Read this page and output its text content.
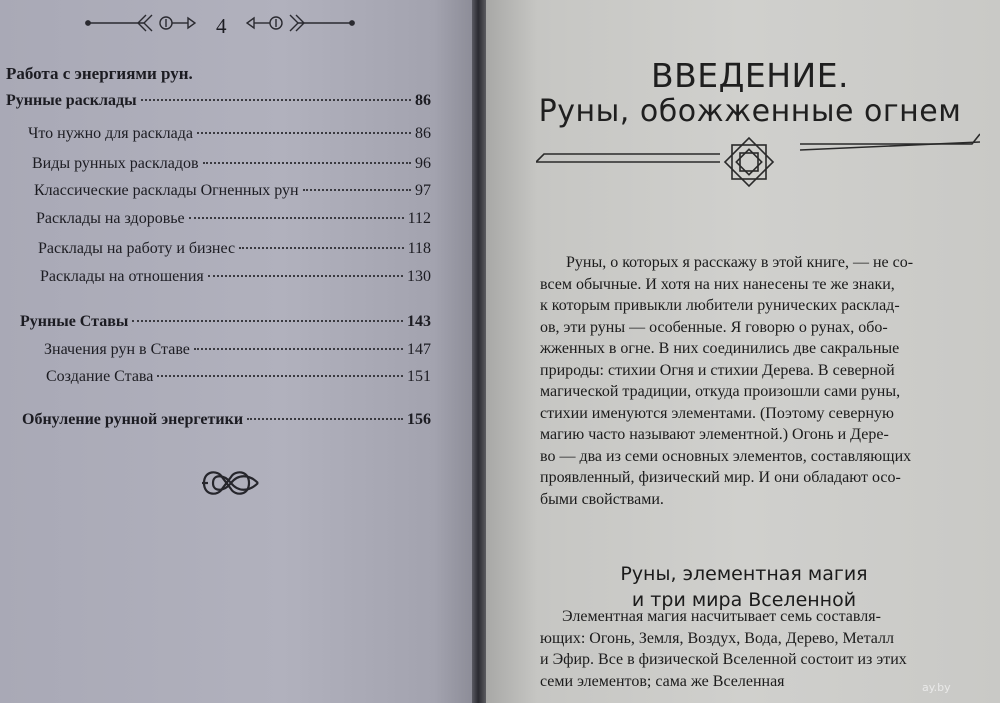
4
Работа с энергиями рун.
Рунные расклады	86
Что нужно для расклада	86
Виды рунных раскладов	96
Классические расклады Огненных рун	97
Расклады на здоровье	112
Расклады на работу и бизнес	118
Расклады на отношения	130
Рунные Ставы	143
Значения рун в Ставе	147
Создание Става	151
Обнуление рунной энергетики	156
ВВЕДЕНИЕ.
Руны, обожженные огнем
Руны, о которых я расскажу в этой книге, — не со-
всем обычные. И хотя на них нанесены те же знаки,
к которым привыкли любители рунических расклад-
ов, эти руны — особенные. Я говорю о рунах, обо-
жженных в огне. В них соединились две сакральные
природы: стихии Огня и стихии Дерева. В северной
магической традиции, откуда произошли сами руны,
стихии именуются элементами. (Поэтому северную
магию часто называют элементной.) Огонь и Дере-
во — два из семи основных элементов, составляющих
проявленный, физический мир. И они обладают осо-
быми свойствами.
Руны, элементная магия
и три мира Вселенной
Элементная магия насчитывает семь составля-
ющих: Огонь, Земля, Воздух, Вода, Дерево, Металл
и Эфир. Все в физической Вселенной состоит из этих
семи элементов; сама же Вселенная	ay.by
